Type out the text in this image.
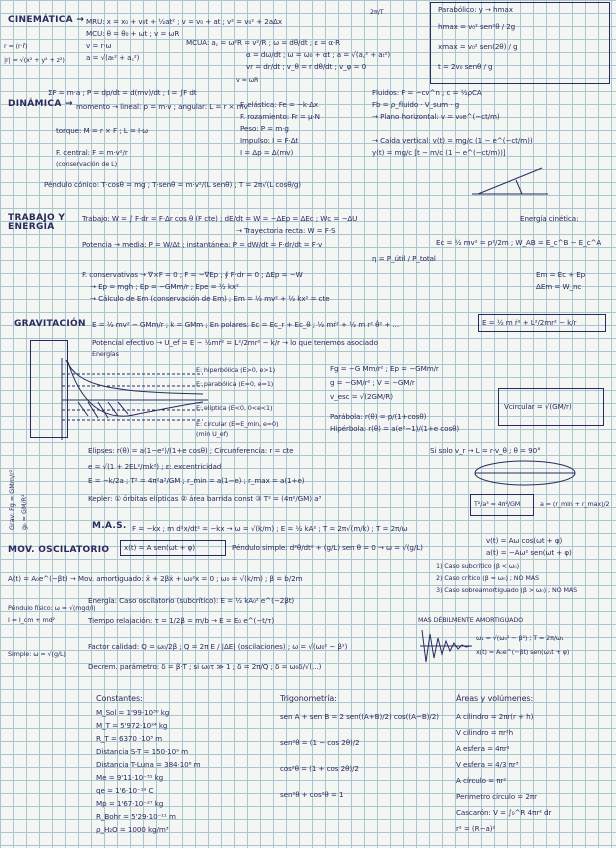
CINEMÁTICA → MRU: x = x₀ + v₀t + ½at² ; v = v₀ + at ; v² = v₀² + 2aΔx
MCU: θ = θ₀ + ωt ; v = ωR
r = (r·ȓ)
|r| = √(x² + y² + z²)
v = r·ω
a = √(aₜ² + a꜀²)
MCUA: a꜀ = ω²R = v²/R ; ω = dθ/dt ; ε = α·R
α = dω/dt ; ω = ω₀ + αt ; a = √(a꜀² + aₜ²)
vr = dr/dt ; v_θ = r dθ/dt ; v_φ = 0
v = ωR
2π/T	Parabólico: y → hmax
hmax = v₀² sen²θ / 2g
xmax = v₀² sen(2θ) / g
t = 2v₀ senθ / g
DINÁMICA →
ΣF = m·a ; P = dp/dt = d(mv)/dt ; I = ∫F dt
momento → lineal: p = m·v ; angular: L = r × mv
torque: M = r × F ; L = I·ω
F. central: F = m·v²/r
(conservación de L)
F. elástica: Fe = −k·Δx
F. rozamiento: Fr = μ·N
Peso: P = m·g
Impulso: I = F·Δt
I = Δp = Δ(mv)
Fluidos: F = −cv^n ; c = ½ρCA
Fb = ρ_fluido · V_sum · g
→ Plano horizontal: v = v₀e^(−ct/m)
→ Caída vertical: v(t) = mg/c (1 − e^(−ct/m))
y(t) = mg/c [t − m/c (1 − e^(−ct/m))]
Péndulo cónico: T·cosθ = mg ; T·senθ = m·v²/(L senθ) ; T = 2π√(L cosθ/g)
TRABAJO Y ENERGÍA
Trabajo: W = ∫ F·dr = F·Δr cos θ (F cte) ; dE/dt = W = −ΔEp = ΔEc ; Wc = −ΔU	Energía cinética:
→ Trayectoria recta: W = F·S
Ec = ½ mv² = p²/2m ; W_AB = E_c^B − E_c^A
Potencia → media: P = W/Δt ; instantánea: P = dW/dt = F·dr/dt = F·v
η = P_útil / P_total
F. conservativas → ∇×F = 0 ; F = −∇Ep ; ∮ F·dr = 0 ; ΔEp = −W
→ Ep = mgh ; Ep = −GMm/r ; Epe = ½ kx²
→ Cálculo de Em (conservación de Em) ; Em = ½ mv² + ½ kx² = cte
Em = Ec + Ep
ΔEm = W_nc
GRAVITACIÓN E = ½ mv² − GMm/r ; k = GMm ; En polares: Ec = Ec_r + Ec_θ ; ½ mṙ² + ½ m r² θ̇² + ...	E = ½ m ṙ² + L²/2mr² − k/r
Potencial efectivo → U_ef = E − ½mṙ² = L²/2mr² − k/r → lo que tenemos asociado
Grav: Fg = GMm/r² g₀ = GM/R²
Energías
E: hiperbólica (E>0, e>1)
E: parabólica (E=0, e=1)
E: elíptica (E<0, 0<e<1)
E: circular (E=E_min, e=0)
(mín U_ef)
Fg = −G Mm/r² ; Ep = −GMm/r
g = −GM/r² ; V = −GM/r
v_esc = √(2GM/R)
Parábola: r(θ) = p/(1+cosθ)
Hipérbola: r(θ) = a(e²−1)/(1+e cosθ)
Vcircular = √(GM/r)
Elipses: r(θ) = a(1−e²)/(1+e cosθ) ; Circunferencia: r = cte
e = √(1 + 2EL²/mk²) ; ε: excentricidad
E = −k/2a ; T² = 4π²a³/GM ; r_min = a(1−e) ; r_max = a(1+e)
Si solo v_r → L = r·v_θ ; θ = 90°
a = (r_min + r_max)/2
Kepler: ① órbitas elípticas ② área barrida const ③ T² = (4π²/GM) a³
T²/a³ = 4π²/GM
M.A.S. F = −kx ; m d²x/dt² = −kx → ω = √(k/m) ; E = ½ kA² ; T = 2π√(m/k) ; T = 2π/ω
x(t) = A sen(ωt + φ)	Péndulo simple: d²θ/dt² + (g/L) sen θ = 0 → ω = √(g/L)
v(t) = Aω cos(ωt + φ)
a(t) = −Aω² sen(ωt + φ)
MOV. OSCILATORIO
A(t) = A₀e^(−βt) → Mov. amortiguado: ẍ + 2βẋ + ω₀²x = 0 ; ω₀ = √(k/m) ; β = b/2m
1) Caso subcrítico (β < ω₀)
2) Caso crítico (β = ω₀) ; NO MAS
3) Caso sobreamortiguado (β > ω₀) ; NO MAS
Energía: Caso oscilatorio (subcrítico): E = ½ kA₀² e^(−2βt)
Tiempo relajación: τ = 1/2β = m/b → E = E₀ e^(−t/τ)
Péndulo físico: ω = √(mgd/I)
I = I_cm + md²
Simple: ω = √(g/L)
Factor calidad: Q = ω₀/2β ; Q = 2π E / |ΔE| (oscilaciones) ; ω = √(ω₀² − β²)
Decrem. parámetro: δ = β·T ; si ω₀τ ≫ 1 ; δ = 2π/Q ; δ = ω₀δ/√(...)
MAS DÉBILMENTE AMORTIGUADO
ω₁ = √(ω₀² − β²) ; T = 2π/ω₁
x(t) = A₀e^(−βt) sen(ω₁t + φ)
Constantes:
M_Sol = 1'99·10³⁰ kg
M_T = 5'972·10²⁴ kg
R_T = 6370 ·10³ m
Distancia S-T = 150·10⁹ m
Distancia T-Luna = 384·10⁶ m
Me = 9'11·10⁻³¹ kg
qe = 1'6·10⁻¹⁹ C
Mp = 1'67·10⁻²⁷ kg
R_Bohr = 5'29·10⁻¹¹ m
ρ_H₂O = 1000 kg/m³
Trigonometría:
sen A + sen B = 2 sen((A+B)/2) cos((A−B)/2)
sen²θ = (1 − cos 2θ)/2
cos²θ = (1 + cos 2θ)/2
sen²θ + cos²θ = 1
Áreas y volúmenes:
A cilindro = 2πr(r + h)
V cilindro = πr²h
A esfera = 4πr²
V esfera = 4/3 πr³
A círculo = πr²
Perímetro círculo = 2πr
Cascarón: V = ∫₀^R 4πr² dr
r² = (R−a)²
